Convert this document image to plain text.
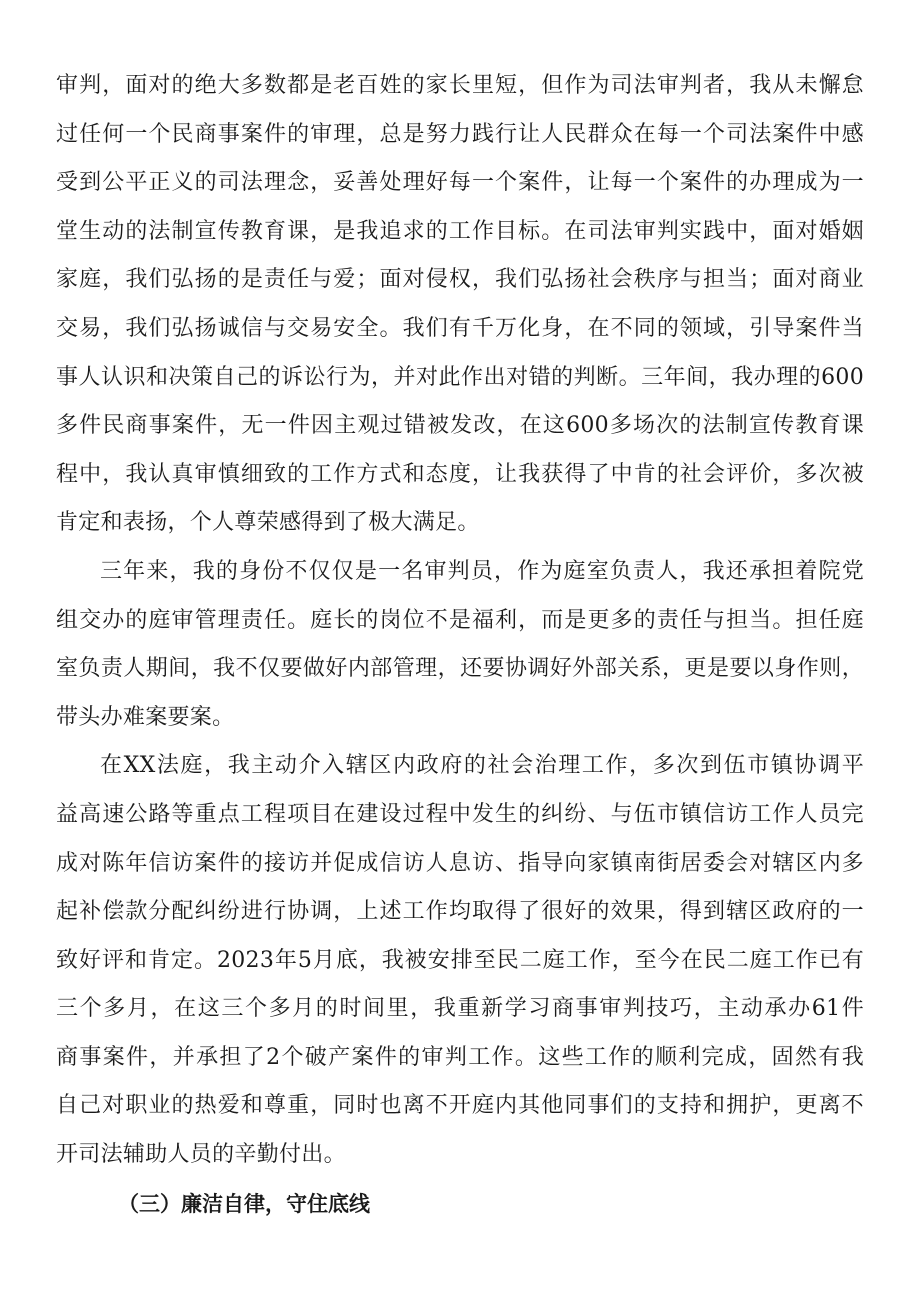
审判，面对的绝大多数都是老百姓的家长里短，但作为司法审判者，我从未懈怠
过任何一个民商事案件的审理，总是努力践行让人民群众在每一个司法案件中感
受到公平正义的司法理念，妥善处理好每一个案件，让每一个案件的办理成为一
堂生动的法制宣传教育课，是我追求的工作目标。在司法审判实践中，面对婚姻
家庭，我们弘扬的是责任与爱；面对侵权，我们弘扬社会秩序与担当；面对商业
交易，我们弘扬诚信与交易安全。我们有千万化身，在不同的领域，引导案件当
事人认识和决策自己的诉讼行为，并对此作出对错的判断。三年间，我办理的600
多件民商事案件，无一件因主观过错被发改，在这600多场次的法制宣传教育课
程中，我认真审慎细致的工作方式和态度，让我获得了中肯的社会评价，多次被
肯定和表扬，个人尊荣感得到了极大满足。

三年来，我的身份不仅仅是一名审判员，作为庭室负责人，我还承担着院党
组交办的庭审管理责任。庭长的岗位不是福利，而是更多的责任与担当。担任庭
室负责人期间，我不仅要做好内部管理，还要协调好外部关系，更是要以身作则，
带头办难案要案。

在XX法庭，我主动介入辖区内政府的社会治理工作，多次到伍市镇协调平
益高速公路等重点工程项目在建设过程中发生的纠纷、与伍市镇信访工作人员完
成对陈年信访案件的接访并促成信访人息访、指导向家镇南街居委会对辖区内多
起补偿款分配纠纷进行协调，上述工作均取得了很好的效果，得到辖区政府的一
致好评和肯定。2023年5月底，我被安排至民二庭工作，至今在民二庭工作已有
三个多月，在这三个多月的时间里，我重新学习商事审判技巧，主动承办61件
商事案件，并承担了2个破产案件的审判工作。这些工作的顺利完成，固然有我
自己对职业的热爱和尊重，同时也离不开庭内其他同事们的支持和拥护，更离不
开司法辅助人员的辛勤付出。

（三）廉洁自律，守住底线
